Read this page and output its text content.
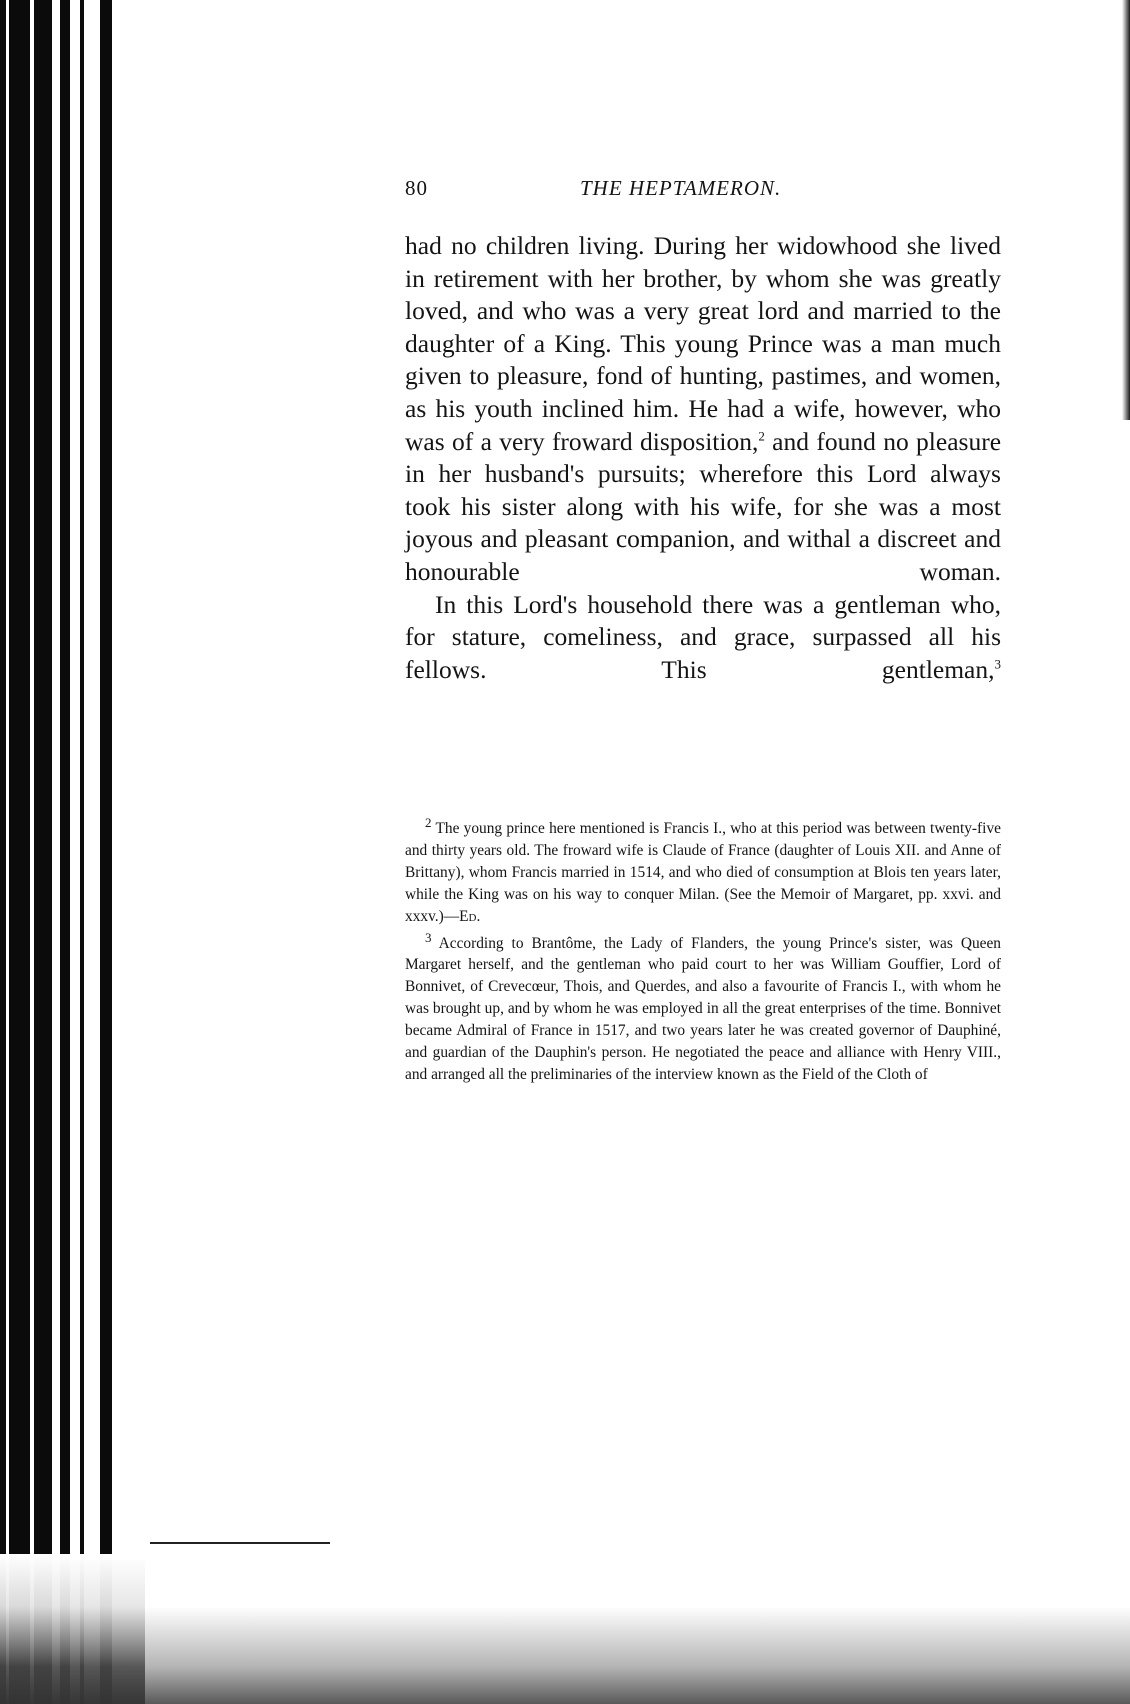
80	THE HEPTAMERON.

had no children living. During her widowhood she lived in retirement with her brother, by whom she was greatly loved, and who was a very great lord and married to the daughter of a King. This young Prince was a man much given to pleasure, fond of hunting, pastimes, and women, as his youth inclined him. He had a wife, however, who was of a very froward disposition,$^2$ and found no pleasure in her husband's pursuits; wherefore this Lord always took his sister along with his wife, for she was a most joyous and pleasant companion, and withal a discreet and honourable woman.

In this Lord's household there was a gentleman who, for stature, comeliness, and grace, surpassed all his fellows. This gentleman,$^3$

$^2$ The young prince here mentioned is Francis I., who at this period was between twenty-five and thirty years old. The froward wife is Claude of France (daughter of Louis XII. and Anne of Brittany), whom Francis married in 1514, and who died of consumption at Blois ten years later, while the King was on his way to conquer Milan. (See the Memoir of Margaret, pp. xxvi. and xxxv.)—Ed.

$^3$ According to Brantôme, the Lady of Flanders, the young Prince's sister, was Queen Margaret herself, and the gentleman who paid court to her was William Gouffier, Lord of Bonnivet, of Crevecœur, Thois, and Querdes, and also a favourite of Francis I., with whom he was brought up, and by whom he was employed in all the great enterprises of the time. Bonnivet became Admiral of France in 1517, and two years later he was created governor of Dauphiné, and guardian of the Dauphin's person. He negotiated the peace and alliance with Henry VIII., and arranged all the preliminaries of the interview known as the Field of the Cloth of
